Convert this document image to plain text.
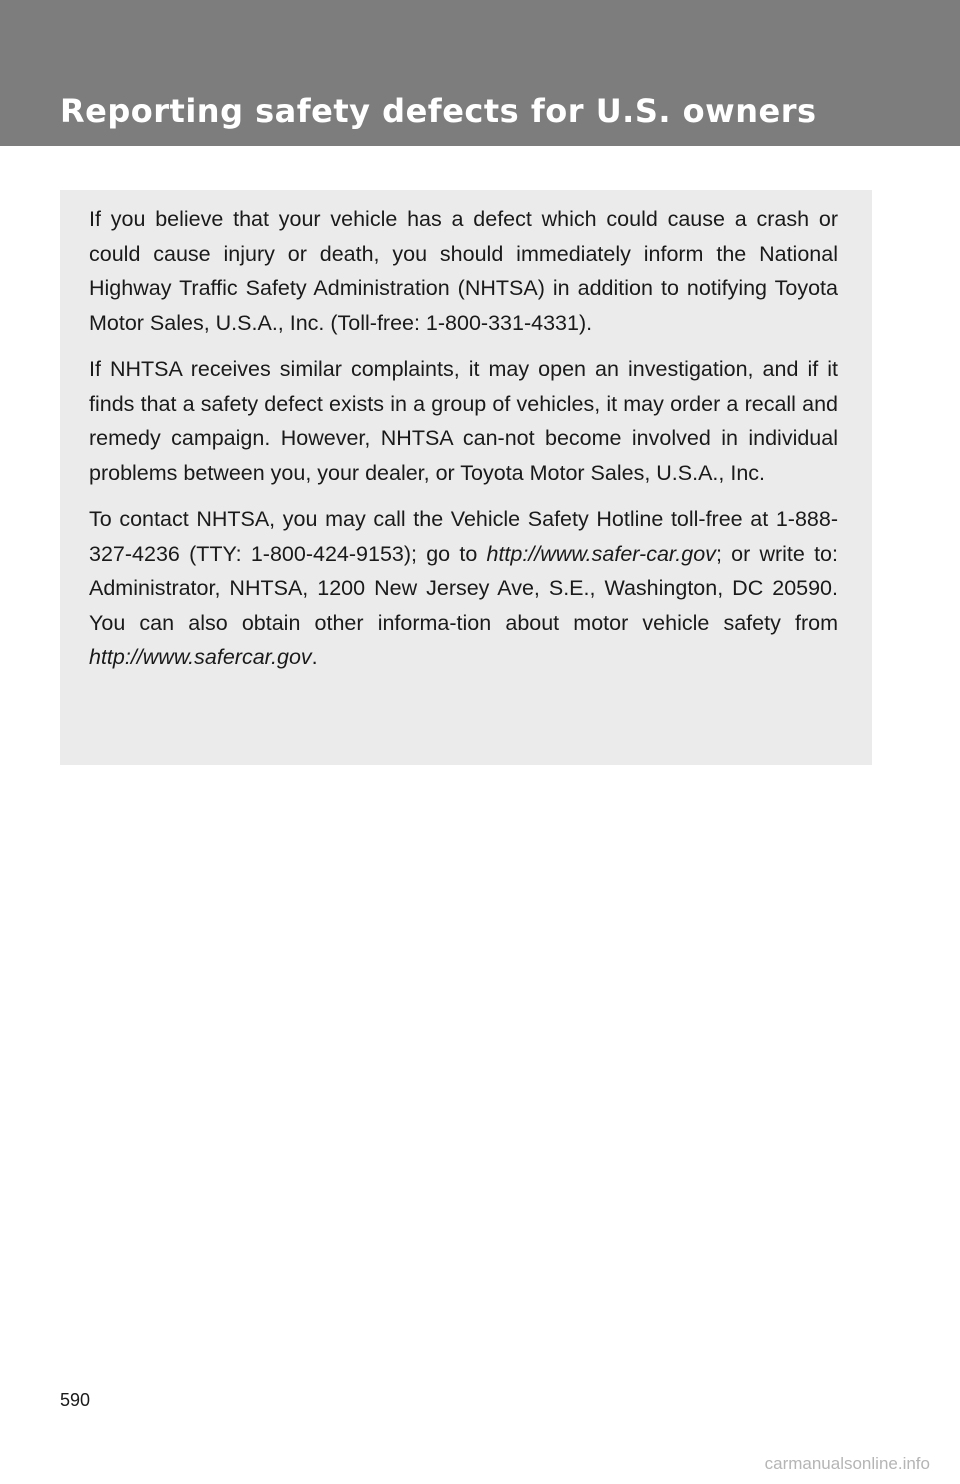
Reporting safety defects for U.S. owners

If you believe that your vehicle has a defect which could cause a crash or could cause injury or death, you should immediately inform the National Highway Traffic Safety Administration (NHTSA) in addition to notifying Toyota Motor Sales, U.S.A., Inc. (Toll-free: 1-800-331-4331).

If NHTSA receives similar complaints, it may open an investigation, and if it finds that a safety defect exists in a group of vehicles, it may order a recall and remedy campaign. However, NHTSA can-not become involved in individual problems between you, your dealer, or Toyota Motor Sales, U.S.A., Inc.

To contact NHTSA, you may call the Vehicle Safety Hotline toll-free at 1-888-327-4236 (TTY: 1-800-424-9153); go to http://www.safer-car.gov; or write to: Administrator, NHTSA, 1200 New Jersey Ave, S.E., Washington, DC 20590. You can also obtain other informa-tion about motor vehicle safety from http://www.safercar.gov.

590
carmanualsonline.info
